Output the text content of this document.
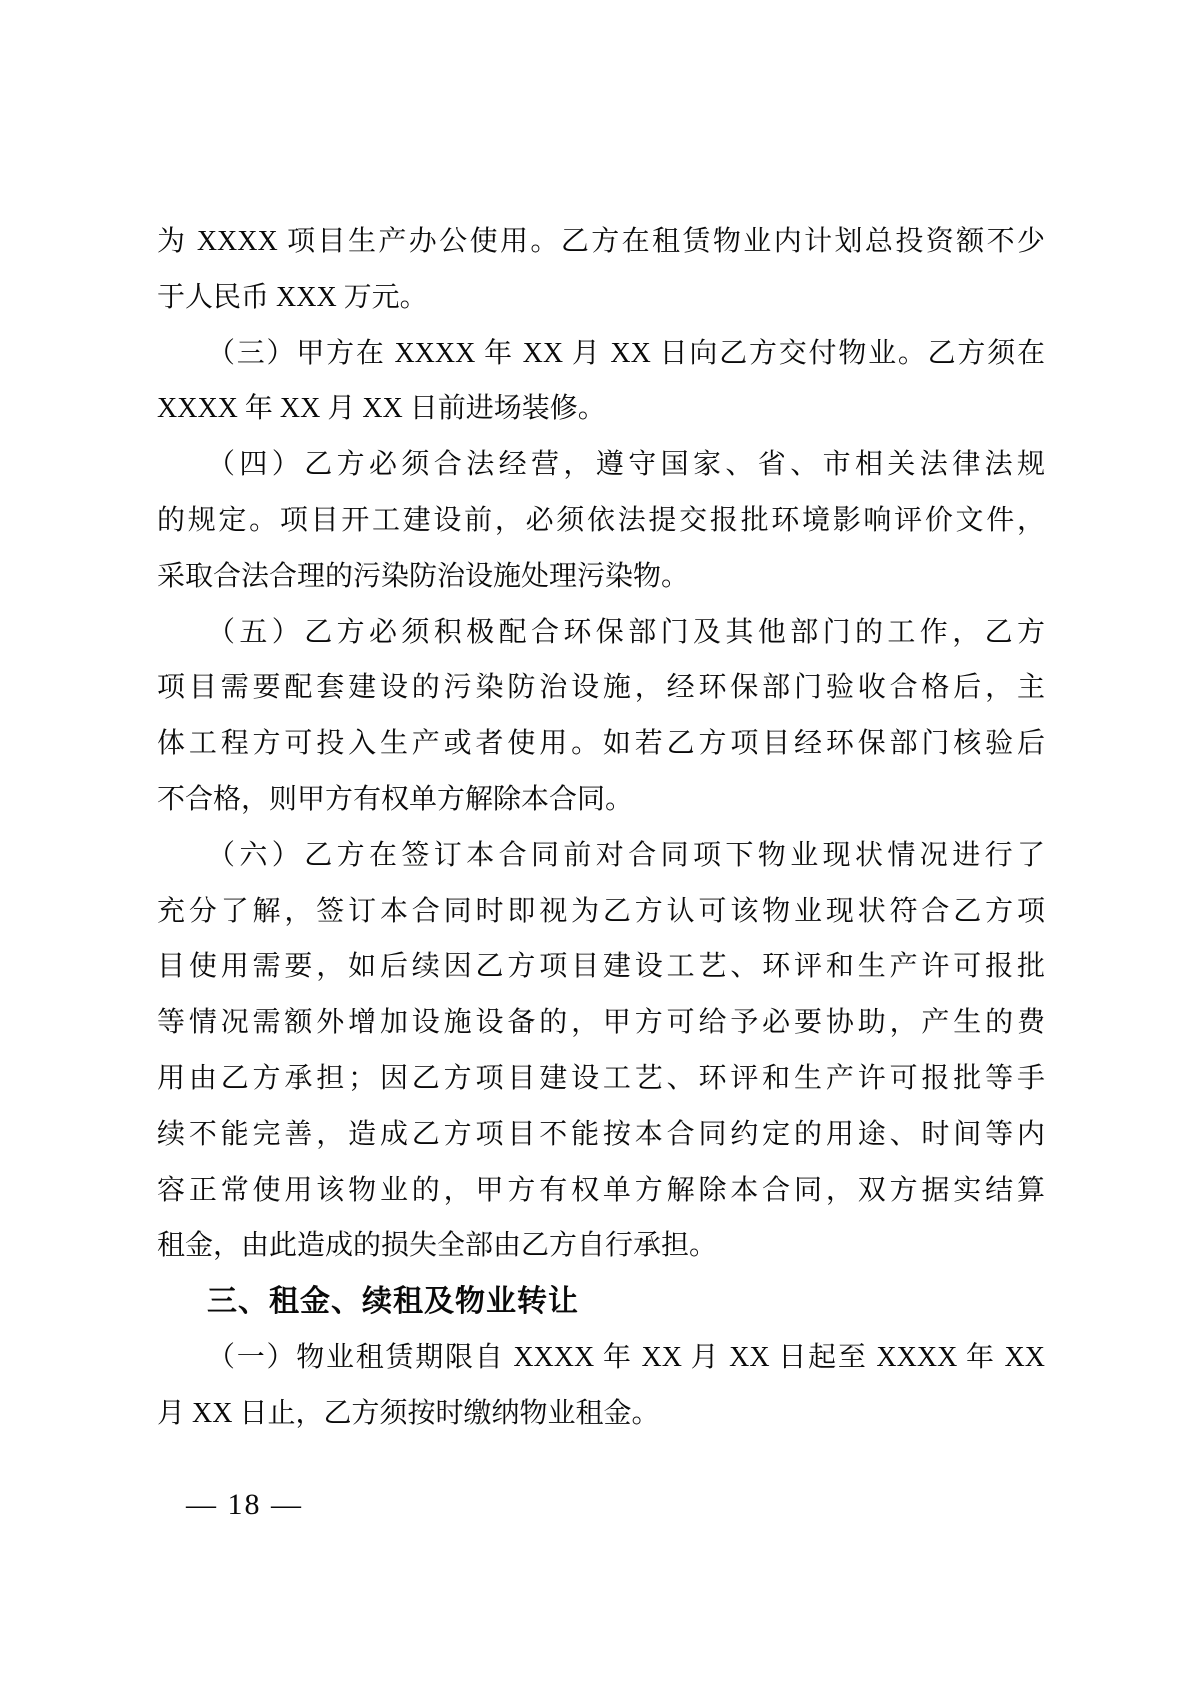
为 XXXX 项目生产办公使用。乙方在租赁物业内计划总投资额不少
于人民币 XXX 万元。
（三）甲方在 XXXX 年 XX 月 XX 日向乙方交付物业。乙方须在
XXXX 年 XX 月 XX 日前进场装修。
（四）乙方必须合法经营，遵守国家、省、市相关法律法规
的规定。项目开工建设前，必须依法提交报批环境影响评价文件，
采取合法合理的污染防治设施处理污染物。
（五）乙方必须积极配合环保部门及其他部门的工作，乙方
项目需要配套建设的污染防治设施，经环保部门验收合格后，主
体工程方可投入生产或者使用。如若乙方项目经环保部门核验后
不合格，则甲方有权单方解除本合同。
（六）乙方在签订本合同前对合同项下物业现状情况进行了
充分了解，签订本合同时即视为乙方认可该物业现状符合乙方项
目使用需要，如后续因乙方项目建设工艺、环评和生产许可报批
等情况需额外增加设施设备的，甲方可给予必要协助，产生的费
用由乙方承担；因乙方项目建设工艺、环评和生产许可报批等手
续不能完善，造成乙方项目不能按本合同约定的用途、时间等内
容正常使用该物业的，甲方有权单方解除本合同，双方据实结算
租金，由此造成的损失全部由乙方自行承担。
三、租金、续租及物业转让
（一）物业租赁期限自 XXXX 年 XX 月 XX 日起至 XXXX 年 XX
月 XX 日止，乙方须按时缴纳物业租金。
— 18 —
